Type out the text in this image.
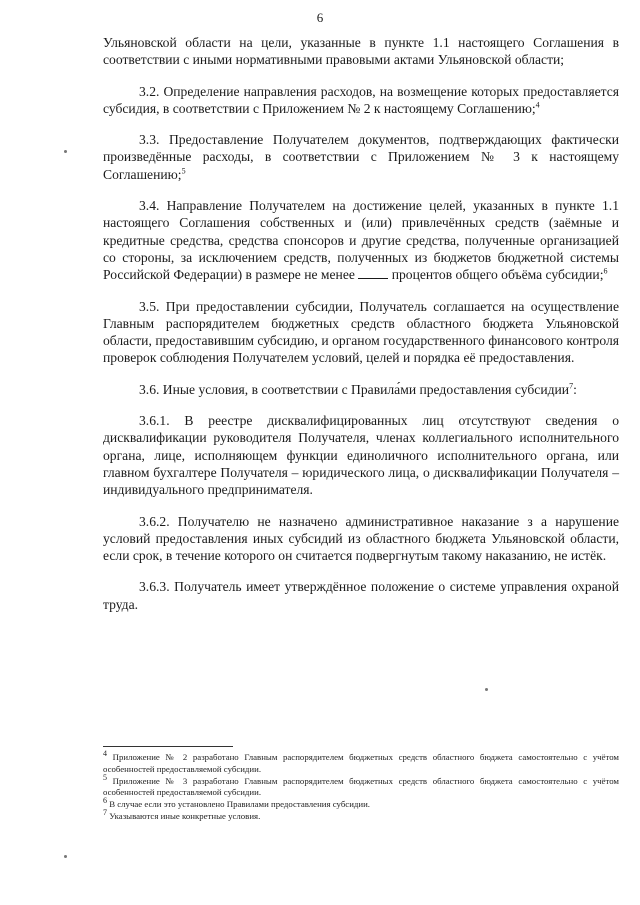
6

Ульяновской области на цели, указанные в пункте 1.1 настоящего Соглашения в соответствии с иными нормативными правовыми актами Ульяновской области;

3.2. Определение направления расходов, на возмещение которых предоставляется субсидия, в соответствии с Приложением № 2 к настоящему Соглашению;$^4$

3.3. Предоставление Получателем документов, подтверждающих фактически произведённые расходы, в соответствии с Приложением № 3 к настоящему Соглашению;$^5$

3.4. Направление Получателем на достижение целей, указанных в пункте 1.1 настоящего Соглашения собственных и (или) привлечённых средств (заёмные и кредитные средства, средства спонсоров и другие средства, полученные организацией со стороны, за исключением средств, полученных из бюджетов бюджетной системы Российской Федерации) в размере не менее  процентов общего объёма субсидии;$^6$

3.5. При предоставлении субсидии, Получатель соглашается на осуществление Главным распорядителем бюджетных средств областного бюджета Ульяновской области, предоставившим субсидию, и органом государственного финансового контроля проверок соблюдения Получателем условий, целей и порядка её предоставления.

3.6. Иные условия, в соответствии с Правила́ми предоставления субсидии$^7$:

3.6.1. В реестре дисквалифицированных лиц отсутствуют сведения о дисквалификации руководителя Получателя, членах коллегиального исполнительного органа, лице, исполняющем функции единоличного исполнительного органа, или главном бухгалтере Получателя – юридического лица, о дисквалификации Получателя – индивидуального предпринимателя.

3.6.2. Получателю не назначено административное наказание з а нарушение условий предоставления иных субсидий из областного бюджета Ульяновской области, если срок, в течение которого он считается подвергнутым такому наказанию, не истёк.

3.6.3. Получатель имеет утверждённое положение о системе управления охраной труда.

$^4$ Приложение № 2 разработано Главным распорядителем бюджетных средств областного бюджета самостоятельно с учётом особенностей предоставляемой субсидии.

$^5$ Приложение № 3 разработано Главным распорядителем бюджетных средств областного бюджета самостоятельно с учётом особенностей предоставляемой субсидии.

$^6$ В случае если это установлено Правилами предоставления субсидии.

$^7$ Указываются иные конкретные условия.
